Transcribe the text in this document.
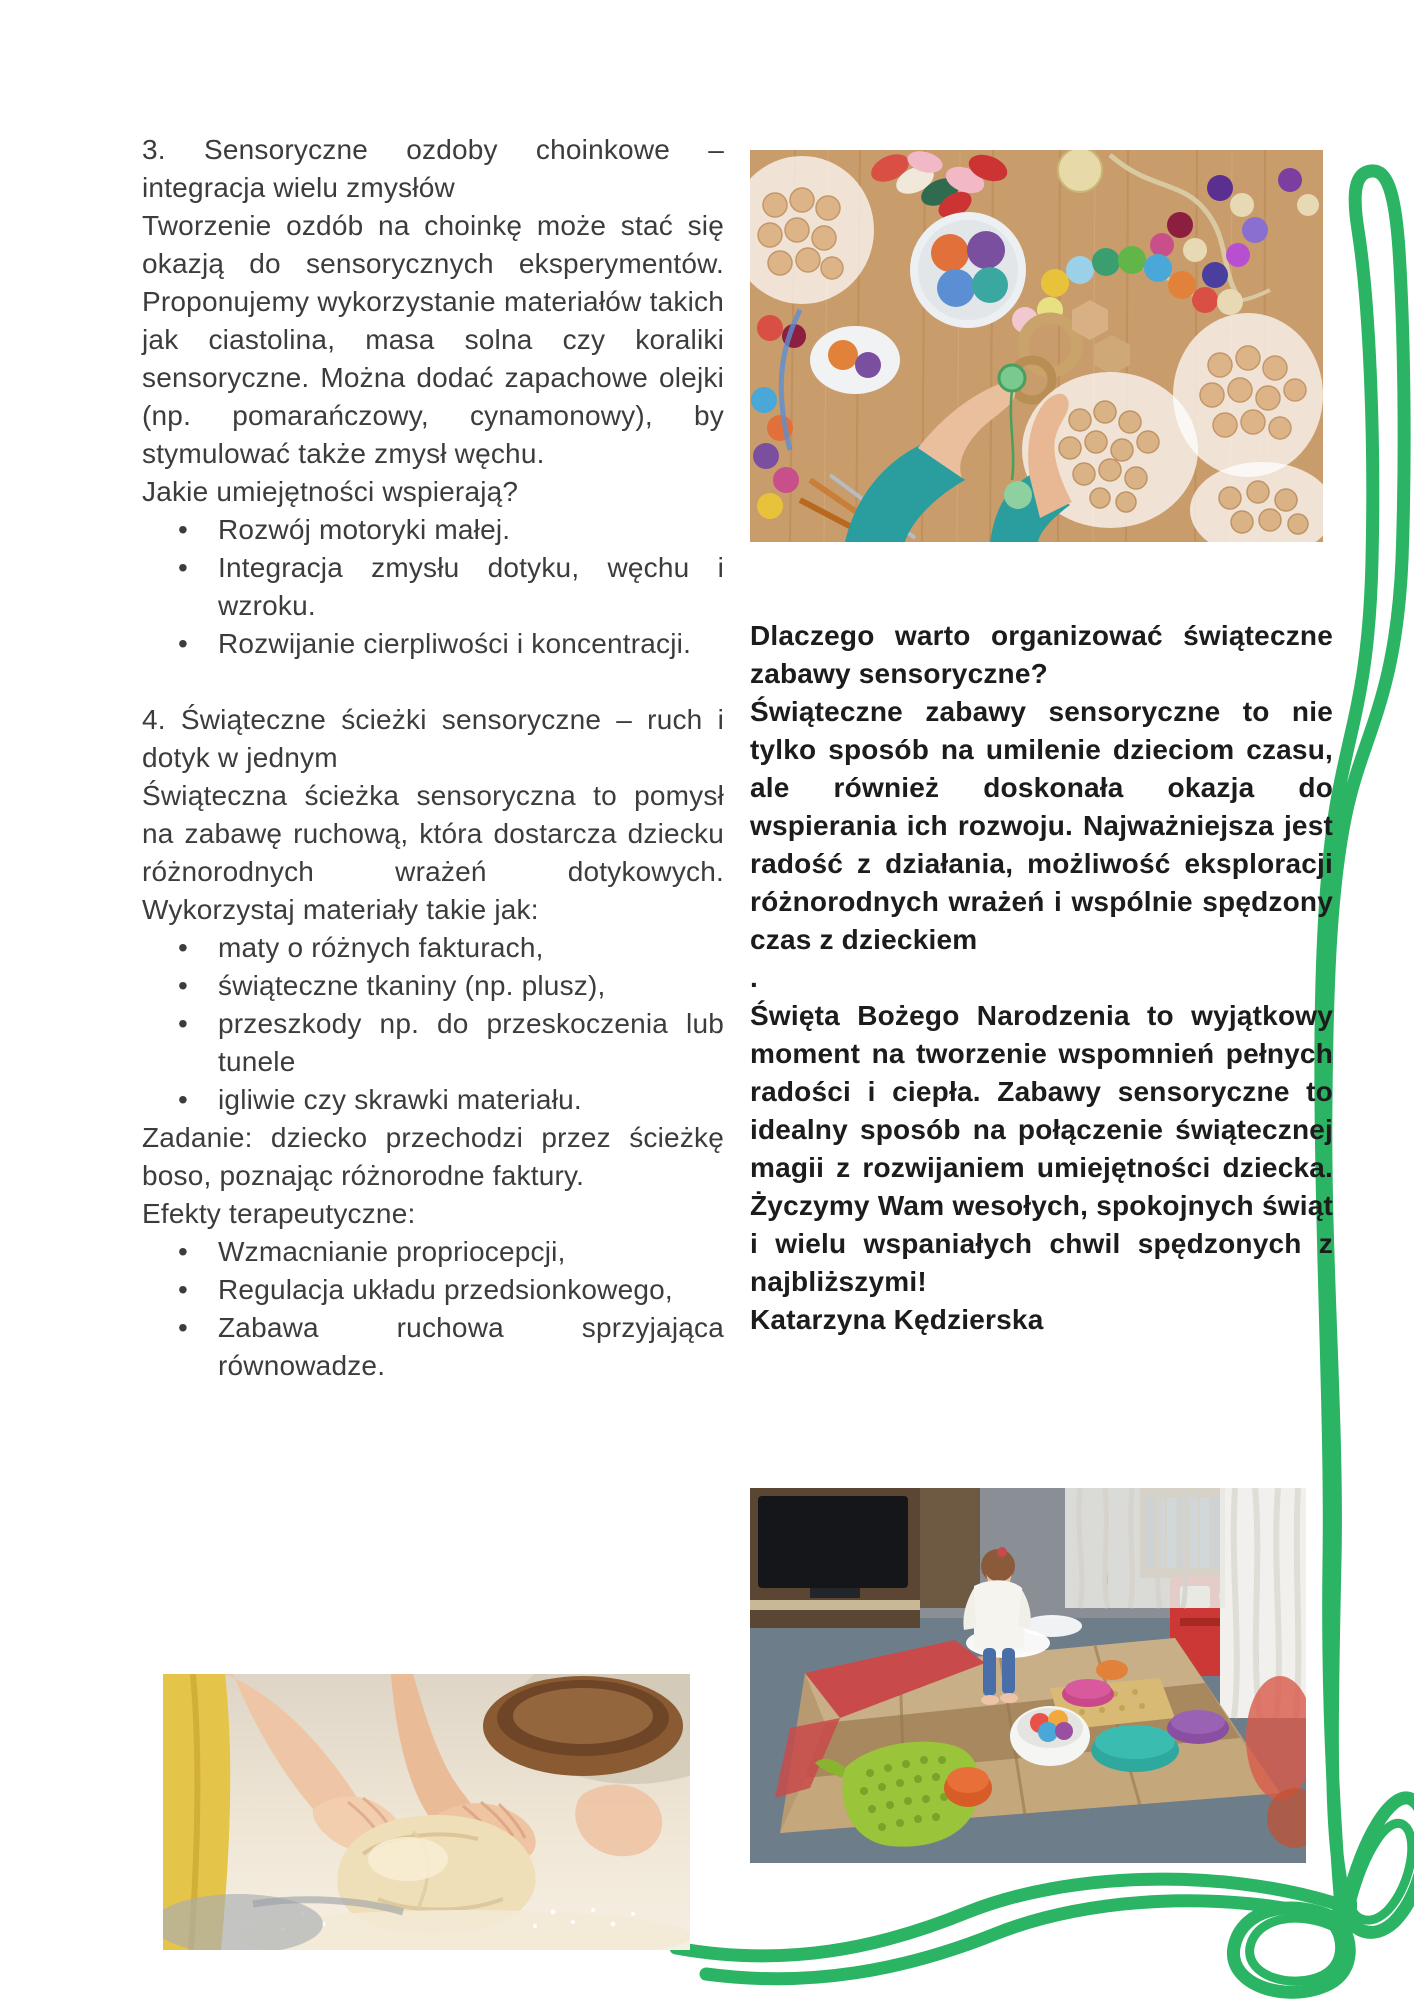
3. Sensoryczne ozdoby choinkowe – integracja wielu zmysłów

Tworzenie ozdób na choinkę może stać się okazją do sensorycznych eksperymentów. Proponujemy wykorzystanie materiałów takich jak ciastolina, masa solna czy koraliki sensoryczne. Można dodać zapachowe olejki (np. pomarańczowy, cynamonowy), by stymulować także zmysł węchu.

Jakie umiejętności wspierają?

• Rozwój motoryki małej.
• Integracja zmysłu dotyku, węchu i wzroku.
• Rozwijanie cierpliwości i koncentracji.

4. Świąteczne ścieżki sensoryczne – ruch i dotyk w jednym

Świąteczna ścieżka sensoryczna to pomysł na zabawę ruchową, która dostarcza dziecku różnorodnych wrażeń dotykowych. Wykorzystaj materiały takie jak:

• maty o różnych fakturach,
• świąteczne tkaniny (np. plusz),
• przeszkody np. do przeskoczenia lub tunele
• igliwie czy skrawki materiału.

Zadanie: dziecko przechodzi przez ścieżkę boso, poznając różnorodne faktury.

Efekty terapeutyczne:

• Wzmacnianie propriocepcji,
• Regulacja układu przedsionkowego,
• Zabawa ruchowa sprzyjająca równowadze.

Dlaczego warto organizować świąteczne zabawy sensoryczne?

Świąteczne zabawy sensoryczne to nie tylko sposób na umilenie dzieciom czasu, ale również doskonała okazja do wspierania ich rozwoju. Najważniejsza jest radość z działania, możliwość eksploracji różnorodnych wrażeń i wspólnie spędzony czas z dzieckiem

.

Święta Bożego Narodzenia to wyjątkowy moment na tworzenie wspomnień pełnych radości i ciepła. Zabawy sensoryczne to idealny sposób na połączenie świątecznej magii z rozwijaniem umiejętności dziecka. Życzymy Wam wesołych, spokojnych świąt i wielu wspaniałych chwil spędzonych z najbliższymi!

Katarzyna Kędzierska
